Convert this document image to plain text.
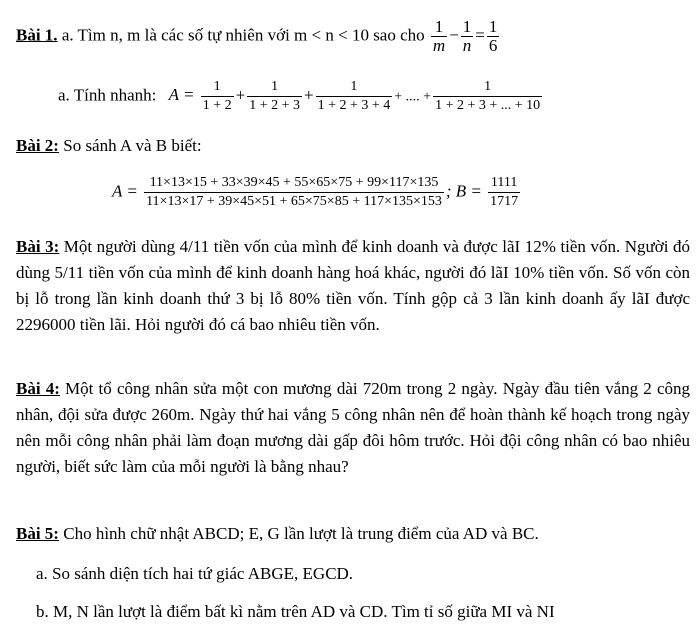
Bài 1. a. Tìm n, m là các số tự nhiên với m < n < 10 sao cho $\frac{1}{m} - \frac{1}{n} = \frac{1}{6}$
a. Tính nhanh: $A = \frac{1}{1 + 2} + \frac{1}{1 + 2 + 3} + \frac{1}{1 + 2 + 3 + 4}$ + .... + $\frac{1}{1 + 2 + 3 + ... + 10}$
Bài 2: So sánh A và B biết:
$A = \frac{11\times 13\times 15 + 33\times 39\times 45 + 55\times 65\times 75 + 99\times 117\times 135}{11\times 13\times 17 + 39\times 45\times 51 + 65\times 75\times 85 + 117\times 135\times 153}$ ; $B = \frac{1111}{1717}$
Bài 3: Một người dùng 4/11 tiền vốn của mình để kinh doanh và được lãI 12% tiền vốn. Người đó dùng 5/11 tiền vốn của mình để kinh doanh hàng hoá khác, người đó lãI 10% tiền vốn. Số vốn còn bị lỗ trong lần kinh doanh thứ 3 bị lỗ 80% tiền vốn. Tính gộp cả 3 lần kinh doanh ấy lãI được 2296000 tiền lãi. Hỏi người đó cá bao nhiêu tiền vốn.
Bài 4: Một tổ công nhân sửa một con mương dài 720m trong 2 ngày. Ngày đầu tiên vắng 2 công nhân, đội sửa được 260m. Ngày thứ hai vắng 5 công nhân nên để hoàn thành kế hoạch trong ngày nên mỗi công nhân phải làm đoạn mương dài gấp đôi hôm trước. Hỏi đội công nhân có bao nhiêu người, biết sức làm của mỗi người là bằng nhau?
Bài 5: Cho hình chữ nhật ABCD; E, G lần lượt là trung điểm của AD và BC.
a. So sánh diện tích hai tứ giác ABGE, EGCD.
b. M, N lần lượt là điểm bất kì nằm trên AD và CD. Tìm tỉ số giữa MI và NI
